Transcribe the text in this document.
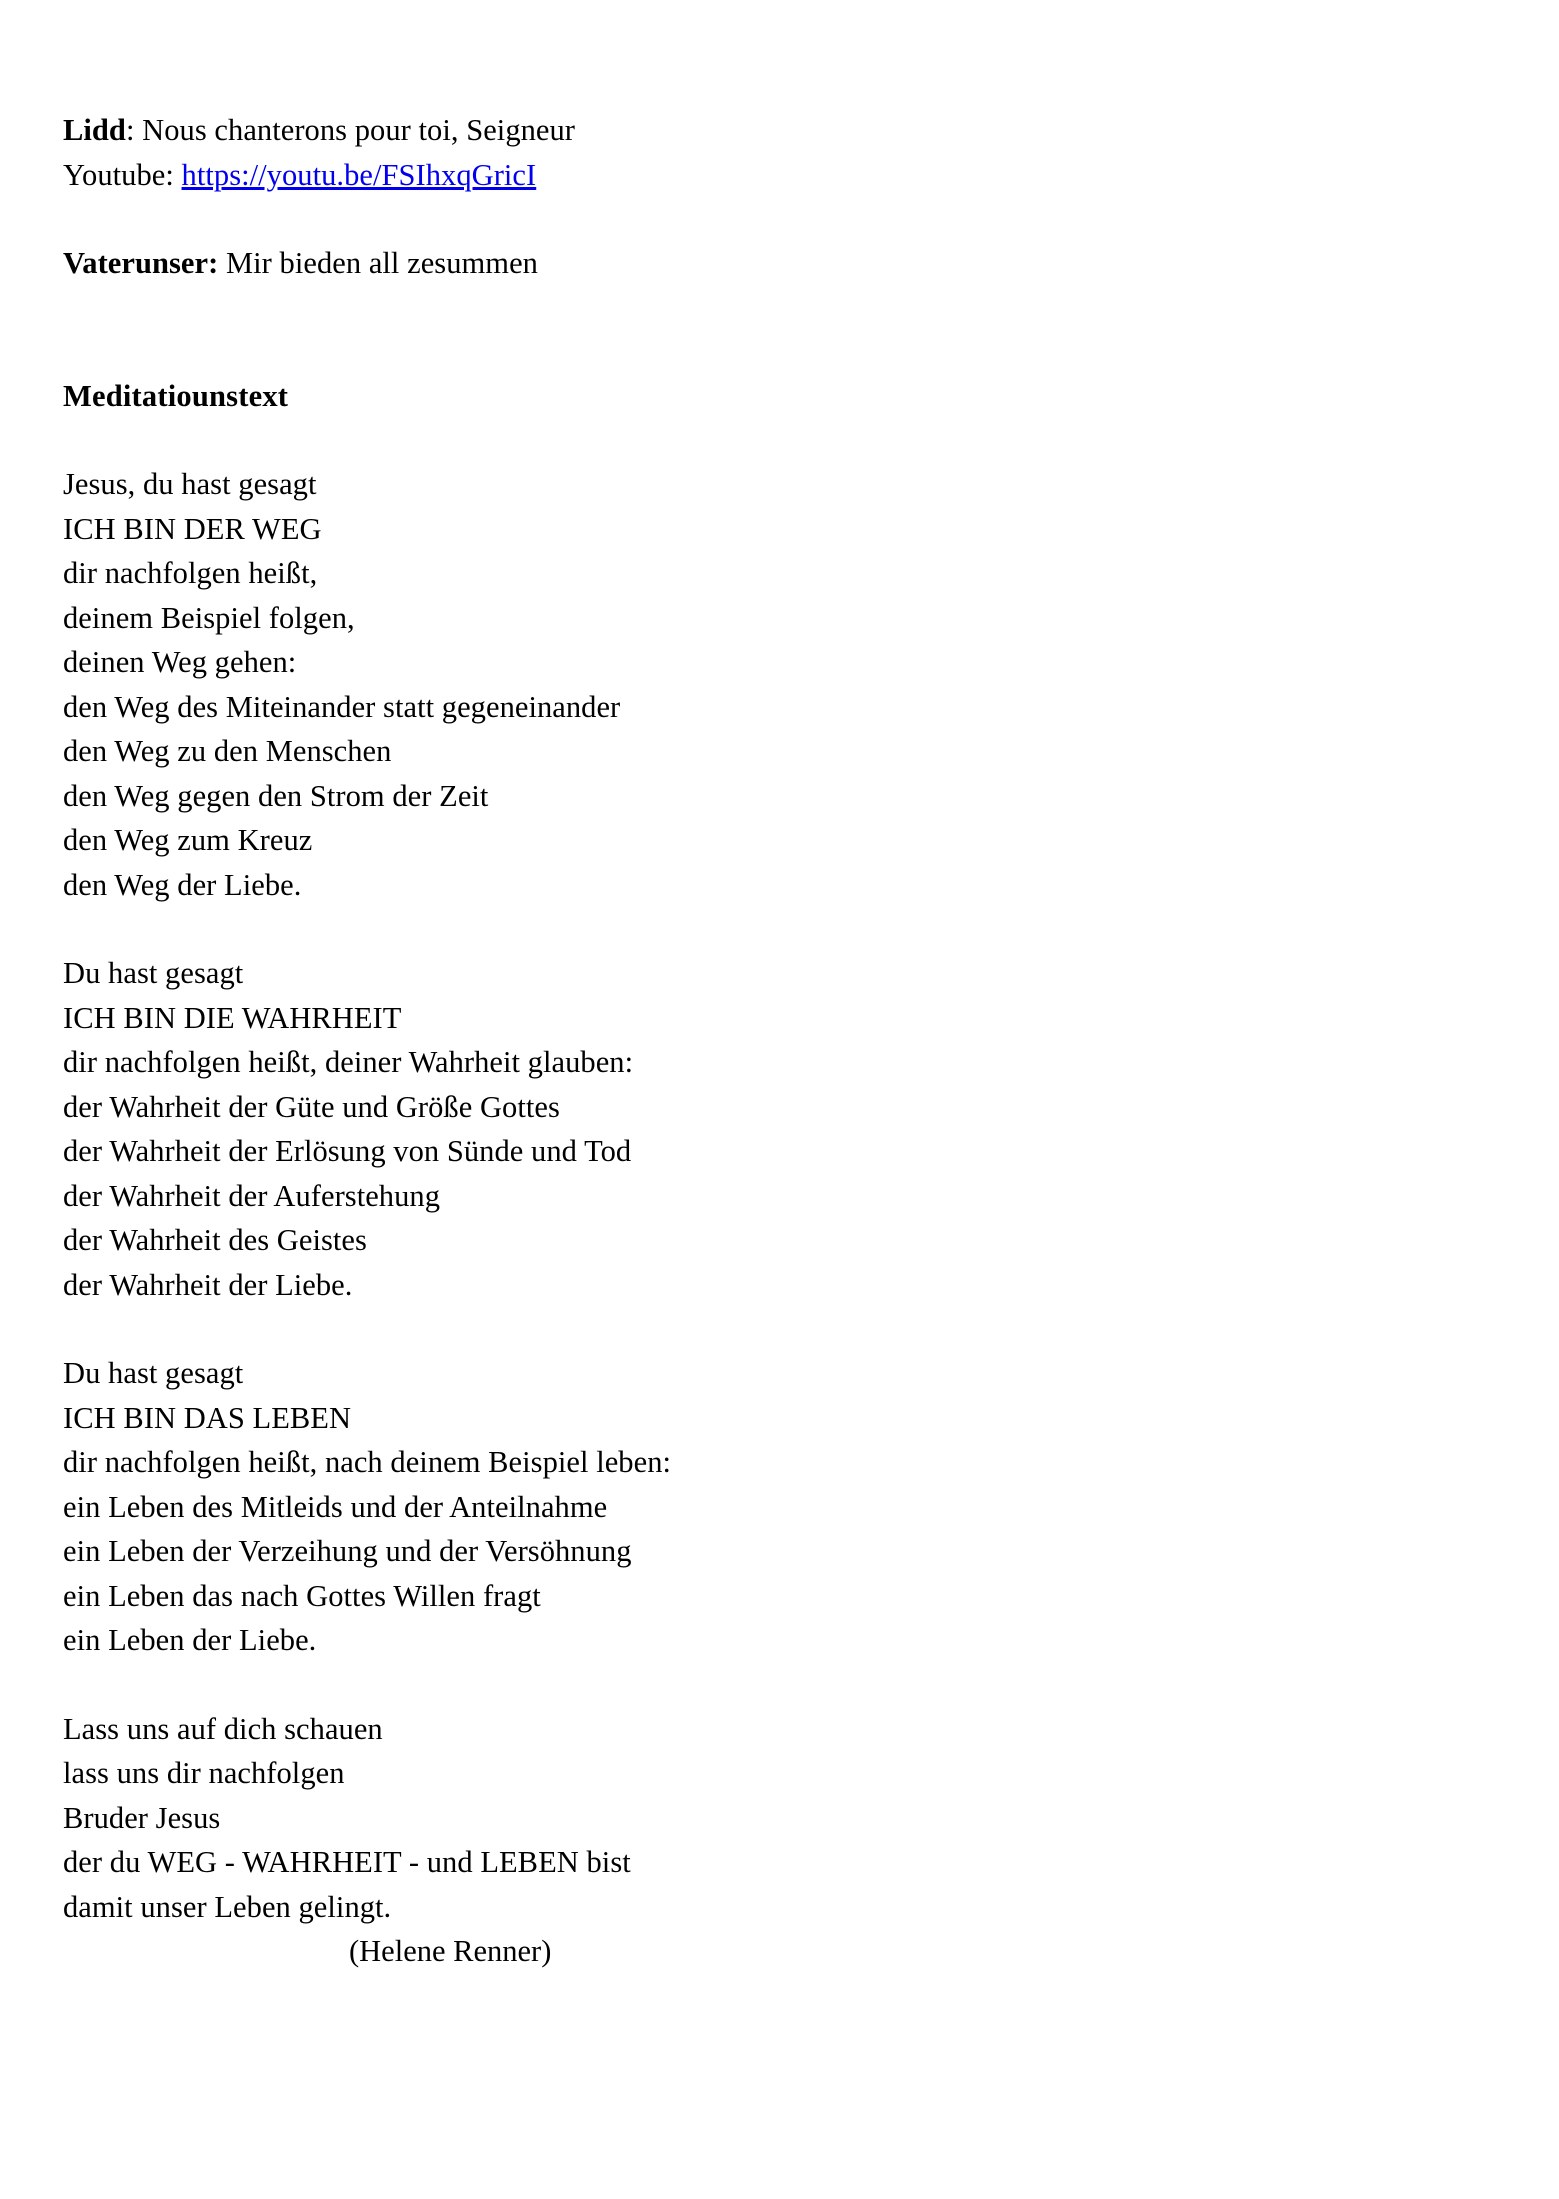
Lidd: Nous chanterons pour toi, Seigneur
Youtube: https://youtu.be/FSIhxqGricI
Vaterunser: Mir bieden all zesummen
Meditatiounstext
Jesus, du hast gesagt
ICH BIN DER WEG
dir nachfolgen heißt,
deinem Beispiel folgen,
deinen Weg gehen:
den Weg des Miteinander statt gegeneinander
den Weg zu den Menschen
den Weg gegen den Strom der Zeit
den Weg zum Kreuz
den Weg der Liebe.
Du hast gesagt
ICH BIN DIE WAHRHEIT
dir nachfolgen heißt, deiner Wahrheit glauben:
der Wahrheit der Güte und Größe Gottes
der Wahrheit der Erlösung von Sünde und Tod
der Wahrheit der Auferstehung
der Wahrheit des Geistes
der Wahrheit der Liebe.
Du hast gesagt
ICH BIN DAS LEBEN
dir nachfolgen heißt, nach deinem Beispiel leben:
ein Leben des Mitleids und der Anteilnahme
ein Leben der Verzeihung und der Versöhnung
ein Leben das nach Gottes Willen fragt
ein Leben der Liebe.
Lass uns auf dich schauen
lass uns dir nachfolgen
Bruder Jesus
der du WEG - WAHRHEIT - und LEBEN bist
damit unser Leben gelingt.
(Helene Renner)
